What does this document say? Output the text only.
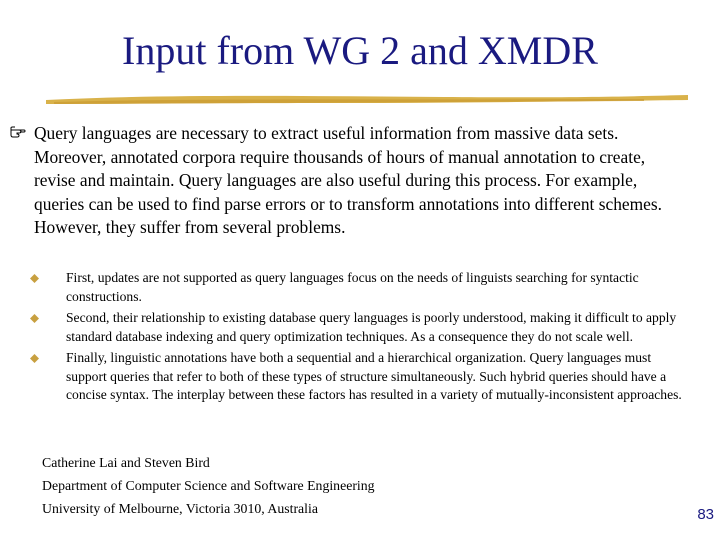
Input from WG 2 and XMDR
Query languages are necessary to extract useful information from massive data sets. Moreover, annotated corpora require thousands of hours of manual annotation to create, revise and maintain. Query languages are also useful during this process. For example, queries can be used to find parse errors or to transform annotations into different schemes. However, they suffer from several problems.
First, updates are not supported as query languages focus on the needs of linguists searching for syntactic constructions.
Second, their relationship to existing database query languages is poorly understood, making it difficult to apply standard database indexing and query optimization techniques. As a consequence they do not scale well.
Finally, linguistic annotations have both a sequential and a hierarchical organization. Query languages must support queries that refer to both of these types of structure simultaneously. Such hybrid queries should have a concise syntax. The interplay between these factors has resulted in a variety of mutually-inconsistent approaches.
Catherine Lai and Steven Bird
Department of Computer Science and Software Engineering
University of Melbourne, Victoria 3010, Australia	83
